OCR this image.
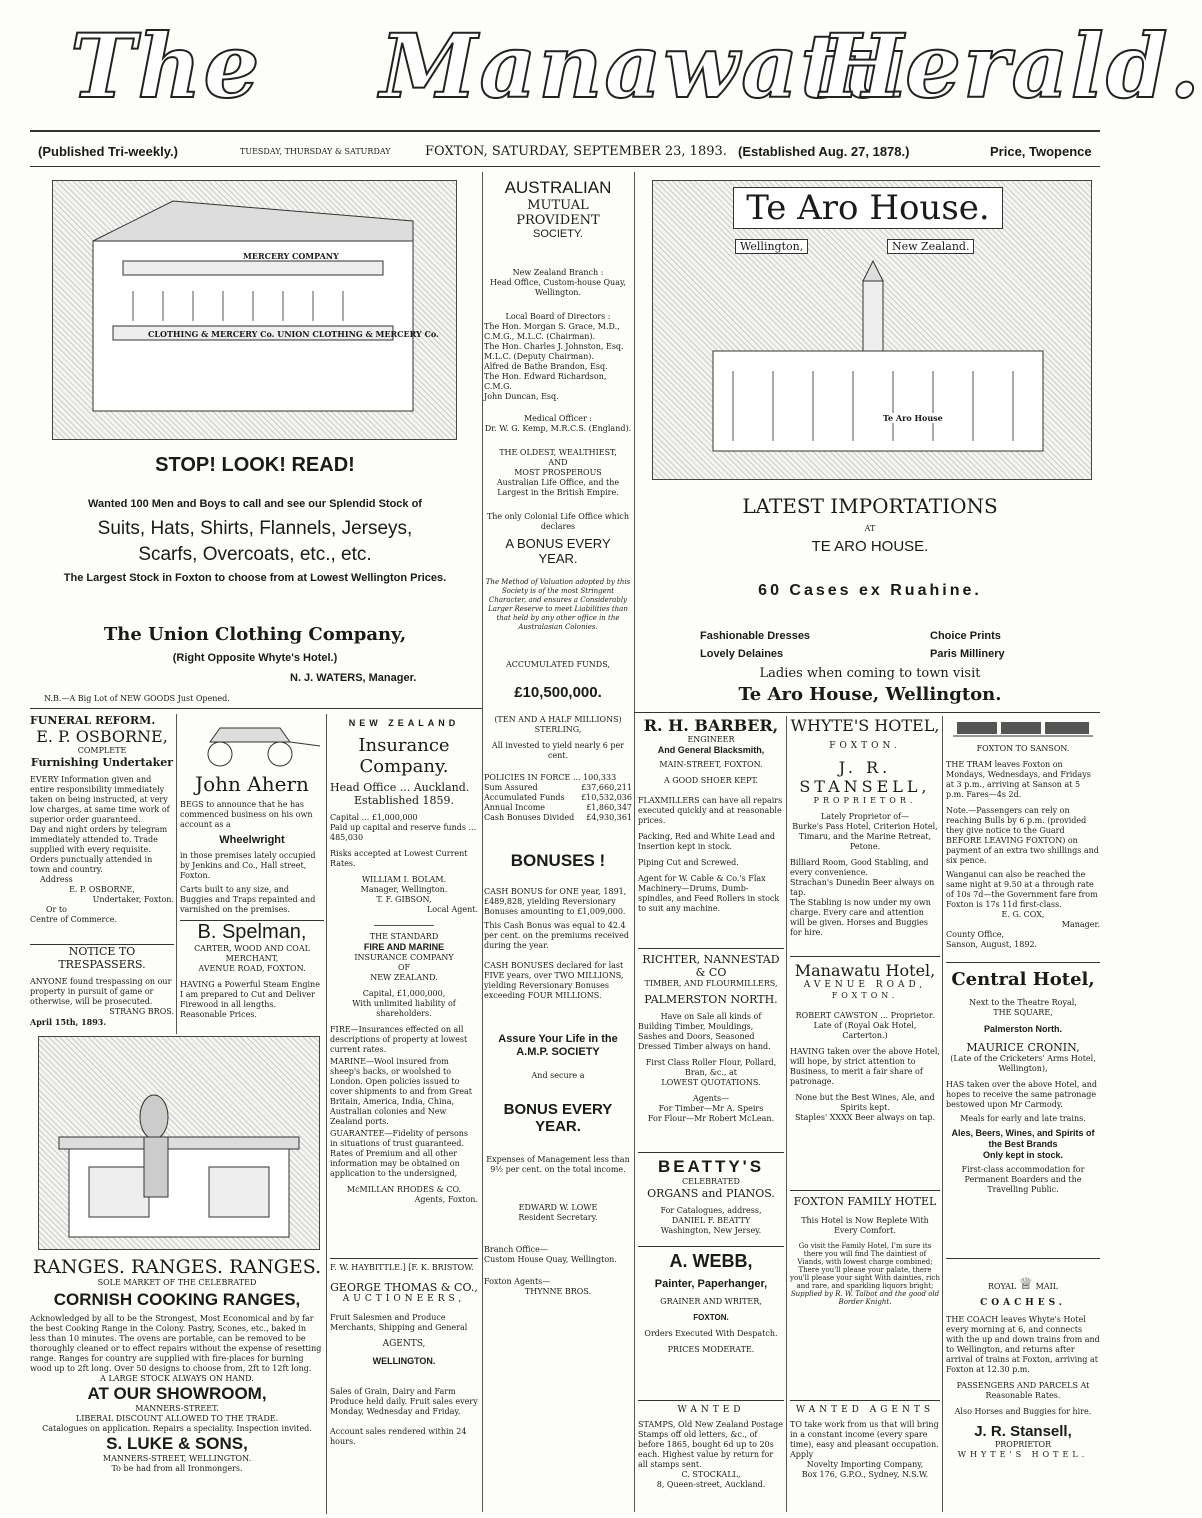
The Manawatu
Herald.
(Published Tri-weekly.)	TUESDAY, THURSDAY & SATURDAY	FOXTON, SATURDAY, SEPTEMBER 23, 1893. (Established Aug. 27, 1878.)	Price, Twopence
MERCERY COMPANY
CLOTHING & MERCERY Co. UNION CLOTHING & MERCERY Co.
STOP! LOOK! READ!
Wanted 100 Men and Boys to call and see our Splendid Stock of
Suits, Hats, Shirts, Flannels, Jerseys,
Scarfs, Overcoats, etc., etc.
The Largest Stock in Foxton to choose from at Lowest Wellington Prices.
The Union Clothing Company,
(Right Opposite Whyte's Hotel.)
N. J. WATERS, Manager.
N.B.—A Big Lot of NEW GOODS Just Opened.
AUSTRALIAN
MUTUAL PROVIDENT
SOCIETY.
New Zealand Branch :
Head Office, Custom-house Quay, Wellington.
Local Board of Directors :
The Hon. Morgan S. Grace, M.D., C.M.G., M.L.C. (Chairman).
The Hon. Charles J. Johnston, Esq. M.L.C. (Deputy Chairman).
Alfred de Bathe Brandon, Esq.
The Hon. Edward Richardson, C.M.G.
John Duncan, Esq.
Medical Officer :
Dr. W. G. Kemp, M.R.C.S. (England).
THE OLDEST, WEALTHIEST,
AND
MOST PROSPEROUS
Australian Life Office, and the Largest in the British Empire.
The only Colonial Life Office which declares
A BONUS EVERY
YEAR.
The Method of Valuation adopted by this Society is of the most Stringent Character, and ensures a Considerably Larger Reserve to meet Liabilities than that held by any other office in the Australasian Colonies.
ACCUMULATED FUNDS,
£10,500,000.
(TEN AND A HALF MILLIONS)
STERLING,
All invested to yield nearly 6 per cent.
POLICIES IN FORCE ... 100,333
Sum Assured	£37,660,211
Accumulated Funds £10,532,036
Annual Income	£1,860,347
Cash Bonuses Divided £4,930,361
BONUSES !
CASH BONUS for ONE year, 1891, £489,828, yielding Reversionary Bonuses amounting to £1,009,000.
This Cash Bonus was equal to 42.4 per cent. on the premiums received during the year.
CASH BONUSES declared for last FIVE years, over TWO MILLIONS, yielding Reversionary Bonuses exceeding FOUR MILLIONS.
Assure Your Life in the A.M.P. SOCIETY
And secure a
BONUS EVERY YEAR.
Expenses of Management less than 9½ per cent. on the total income.
EDWARD W. LOWE
Resident Secretary.
Branch Office—
Custom House Quay, Wellington.
Foxton Agents—
THYNNE BROS.
Te Aro House.
Wellington,	New Zealand.
Te Aro House
LATEST IMPORTATIONS
AT
TE ARO HOUSE.
60 Cases ex Ruahine.
Fashionable Dresses	Choice Prints
Lovely Delaines	Paris Millinery
Ladies when coming to town visit
Te Aro House, Wellington.
FUNERAL REFORM.
E. P. OSBORNE,
COMPLETE
Furnishing Undertaker
EVERY Information given and entire responsibility immediately taken on being instructed, at very low charges, at same time work of superior order guaranteed.
Day and night orders by telegram immediately attended to. Trade supplied with every requisite.
Orders punctually attended in town and country.
Address
E. P. OSBORNE,
Undertaker, Foxton.
Or to
Centre of Commerce.
NOTICE TO TRESPASSERS.
ANYONE found trespassing on our property in pursuit of game or otherwise, will be prosecuted.
STRANG BROS.
April 15th, 1893.
John Ahern
BEGS to announce that he has commenced business on his own account as a
Wheelwright
in those premises lately occupied by Jenkins and Co., Hall street, Foxton.
Carts built to any size, and Buggies and Traps repainted and varnished on the premises.
B. Spelman,
CARTER, WOOD AND COAL MERCHANT,
AVENUE ROAD, FOXTON.
HAVING a Powerful Steam Engine I am prepared to Cut and Deliver Firewood in all lengths. Reasonable Prices.
NEW ZEALAND
Insurance Company.
Head Office ... Auckland.
Established 1859.
Capital ... £1,000,000
Paid up capital and reserve funds ... 485,030
Risks accepted at Lowest Current Rates.
WILLIAM I. BOLAM.
Manager, Wellington.
T. F. GIBSON,
Local Agent.
THE STANDARD
FIRE AND MARINE
INSURANCE COMPANY
OF
NEW ZEALAND.
Capital, £1,000,000,
With unlimited liability of shareholders.
FIRE—Insurances effected on all descriptions of property at lowest current rates.
MARINE—Wool insured from sheep's backs, or woolshed to London. Open policies issued to cover shipments to and from Great Britain, America, India, China, Australian colonies and New Zealand ports.
GUARANTEE—Fidelity of persons in situations of trust guaranteed. Rates of Premium and all other information may be obtained on application to the undersigned,
McMILLAN RHODES & CO.
Agents, Foxton.
F. W. HAYBITTLE.] [F. K. BRISTOW.
GEORGE THOMAS & CO.,
AUCTIONEERS,
Fruit Salesmen and Produce Merchants, Shipping and General
AGENTS,
WELLINGTON.
Sales of Grain, Dairy and Farm Produce held daily. Fruit sales every Monday, Wednesday and Friday.
Account sales rendered within 24 hours.
RANGES. RANGES. RANGES.
SOLE MARKET OF THE CELEBRATED
CORNISH COOKING RANGES,
Acknowledged by all to be the Strongest, Most Economical and by far the best Cooking Range in the Colony. Pastry, Scones, etc., baked in less than 10 minutes. The ovens are portable, can be removed to be thoroughly cleaned or to effect repairs without the expense of resetting range. Ranges for country are supplied with fire-places for burning wood up to 2ft long. Over 50 designs to choose from, 2ft to 12ft long.
A LARGE STOCK ALWAYS ON HAND.
AT OUR SHOWROOM,
MANNERS-STREET.
LIBERAL DISCOUNT ALLOWED TO THE TRADE.
Catalogues on application. Repairs a speciality. Inspection invited.
S. LUKE & SONS,
MANNERS-STREET, WELLINGTON.
To be had from all Ironmongers.
R. H. BARBER,
ENGINEER
And General Blacksmith,
MAIN-STREET, FOXTON.
A GOOD SHOER KEPT.
FLAXMILLERS can have all repairs executed quickly and at reasonable prices.
Packing, Red and White Lead and Insertion kept in stock.
Piping Cut and Screwed.
Agent for W. Cable & Co.'s Flax Machinery—Drums, Dumb-spindles, and Feed Rollers in stock to suit any machine.
RICHTER, NANNESTAD & CO
TIMBER, AND FLOURMILLERS,
PALMERSTON NORTH.
Have on Sale all kinds of
Building Timber, Mouldings, Sashes and Doors, Seasoned Dressed Timber always on hand.
First Class Roller Flour, Pollard, Bran, &c., at
LOWEST QUOTATIONS.
Agents—
For Timber—Mr A. Speirs
For Flour—Mr Robert McLean.
BEATTY'S
CELEBRATED
ORGANS and PIANOS.
For Catalogues, address,
DANIEL F. BEATTY
Washington, New Jersey.
A. WEBB,
Painter, Paperhanger,
GRAINER AND WRITER,
FOXTON.
Orders Executed With Despatch.
PRICES MODERATE.
WANTED
STAMPS, Old New Zealand Postage Stamps off old letters, &c., of before 1865, bought 6d up to 20s each. Highest value by return for all stamps sent.
C. STOCKALL,
8, Queen-street, Auckland.
WHYTE'S HOTEL,
FOXTON.
J. R. STANSELL,
PROPRIETOR.
Lately Proprietor of—
Burke's Pass Hotel, Criterion Hotel, Timaru, and the Marine Retreat, Petone.
Billiard Room, Good Stabling, and every convenience.
Strachan's Dunedin Beer always on tap.
The Stabling is now under my own charge. Every care and attention will be given. Horses and Buggies for hire.
Manawatu Hotel,
AVENUE ROAD,
FOXTON.
ROBERT CAWSTON ... Proprietor.
Late of (Royal Oak Hotel, Carterton.)
HAVING taken over the above Hotel, will hope, by strict attention to Business, to merit a fair share of patronage.
None but the Best Wines, Ale, and Spirits kept.
Staples' XXXX Beer always on tap.
FOXTON FAMILY HOTEL
This Hotel is Now Replete With Every Comfort.
Go visit the Family Hotel, I'm sure its there you will find The daintiest of Viands, with lowest charge combined; There you'll please your palate, there you'll please your sight With dainties, rich and rare, and sparkling liquors bright;
Supplied by R. W. Talbot and the good old Border Knight.
WANTED AGENTS
TO take work from us that will bring in a constant income (every spare time), easy and pleasant occupation. Apply
Novelty Importing Company,
Box 176, G.P.O., Sydney, N.S.W.
FOXTON TO SANSON.
THE TRAM leaves Foxton on Mondays, Wednesdays, and Fridays at 3 p.m., arriving at Sanson at 5 p.m. Fares—4s 2d.
Note.—Passengers can rely on reaching Bulls by 6 p.m. (provided they give notice to the Guard BEFORE LEAVING FOXTON) on payment of an extra two shillings and six pence.
Wanganui can also be reached the same night at 9.50 at a through rate of 10s 7d—the Government fare from Foxton is 17s 11d first-class.
E. G. COX,
Manager.
County Office,
Sanson, August, 1892.
Central Hotel,
Next to the Theatre Royal,
THE SQUARE,
Palmerston North.
MAURICE CRONIN,
(Late of the Cricketers' Arms Hotel, Wellington),
HAS taken over the above Hotel, and hopes to receive the same patronage bestowed upon Mr Carmody.
Meals for early and late trains.
Ales, Beers, Wines, and Spirits of the Best Brands
Only kept in stock.
First-class accommodation for Permanent Boarders and the Travelling Public.
ROYAL ♕ MAIL
COACHES.
THE COACH leaves Whyte's Hotel every morning at 6, and connects with the up and down trains from and to Wellington, and returns after arrival of trains at Foxton, arriving at Foxton at 12.30 p.m.
PASSENGERS AND PARCELS At Reasonable Rates.
Also Horses and Buggies for hire.
J. R. Stansell,
PROPRIETOR
WHYTE'S HOTEL.
